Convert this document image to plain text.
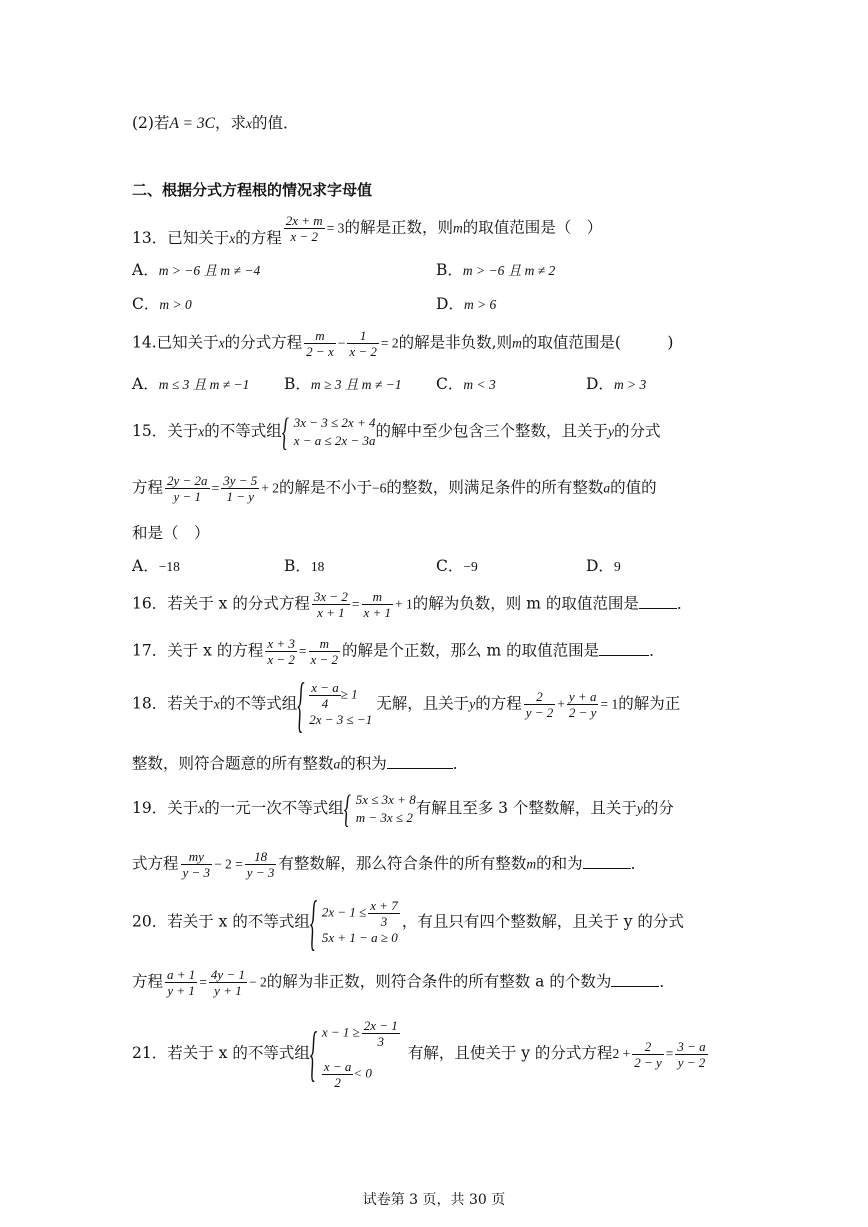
(2)若A = 3C，求x的值．
二、根据分式方程根的情况求字母值
13．已知关于x的方程 $\frac{2x + m}{x - 2} = 3$的解是正数，则m的取值范围是（　）
A．m > −6 且 m ≠ −4	B．m > −6 且 m ≠ 2
C．m > 0	D．m > 6
14.已知关于x的分式方程 $\frac{m}{2 - x} - \frac{1}{x - 2} = 2$的解是非负数,则m的取值范围是(　　　)
A．m ≤ 3 且 m ≠ −1 B．m ≥ 3 且 m ≠ −1 C．m < 3	D．m > 3
15．关于x的不等式组 { 3x − 3 ≤ 2x + 4
x − a ≤ 2x − 3a
的解中至少包含三个整数，且关于y的分式
方程 $\frac{2y - 2a}{y - 1} = \frac{3y - 5}{1 - y} + 2$的解是不小于−6的整数，则满足条件的所有整数a的值的
和是（　）
A．−18	B．18	C．−9	D．9
16．若关于 x 的分式方程 $\frac{3x - 2}{x + 1} = \frac{m}{x + 1} + 1$的解为负数，则 m 的取值范围是 ．
17．关于 x 的方程 $\frac{x + 3}{x - 2} = \frac{m}{x - 2}$ 的解是个正数，那么 m 的取值范围是	．
18．若关于x的不等式组 { $\frac{x - a}{4} \ge 1$
2x − 3 ≤ −1
无解，且关于y的方程 $\frac{2}{y - 2} + \frac{y + a}{2 - y} = 1$的解为正
整数，则符合题意的所有整数a的积为	．
19．关于x的一元一次不等式组 { 5x ≤ 3x + 8
m − 3x ≤ 2
有解且至多 3 个整数解，且关于y的分
式方程 $\frac{my}{y - 3} - 2 = \frac{18}{y - 3}$ 有整数解，那么符合条件的所有整数m的和为	．
20．若关于 x 的不等式组
{ $2x - 1 \le \frac{x + 7}{3}$
5x + 1 − a ≥ 0
，有且只有四个整数解，且关于 y 的分式
方程 $\frac{a + 1}{y + 1} = \frac{4y - 1}{y + 1} - 2$的解为非正数，则符合条件的所有整数 a 的个数为	．
21．若关于 x 的不等式组
{ $x - 1 \ge \frac{2x - 1}{3}$
$\frac{x - a}{2} < 0$
有解，且使关于 y 的分式方程$2 + \frac{2}{2 - y} = \frac{3 - a}{y - 2}$
试卷第 3 页，共 30 页
